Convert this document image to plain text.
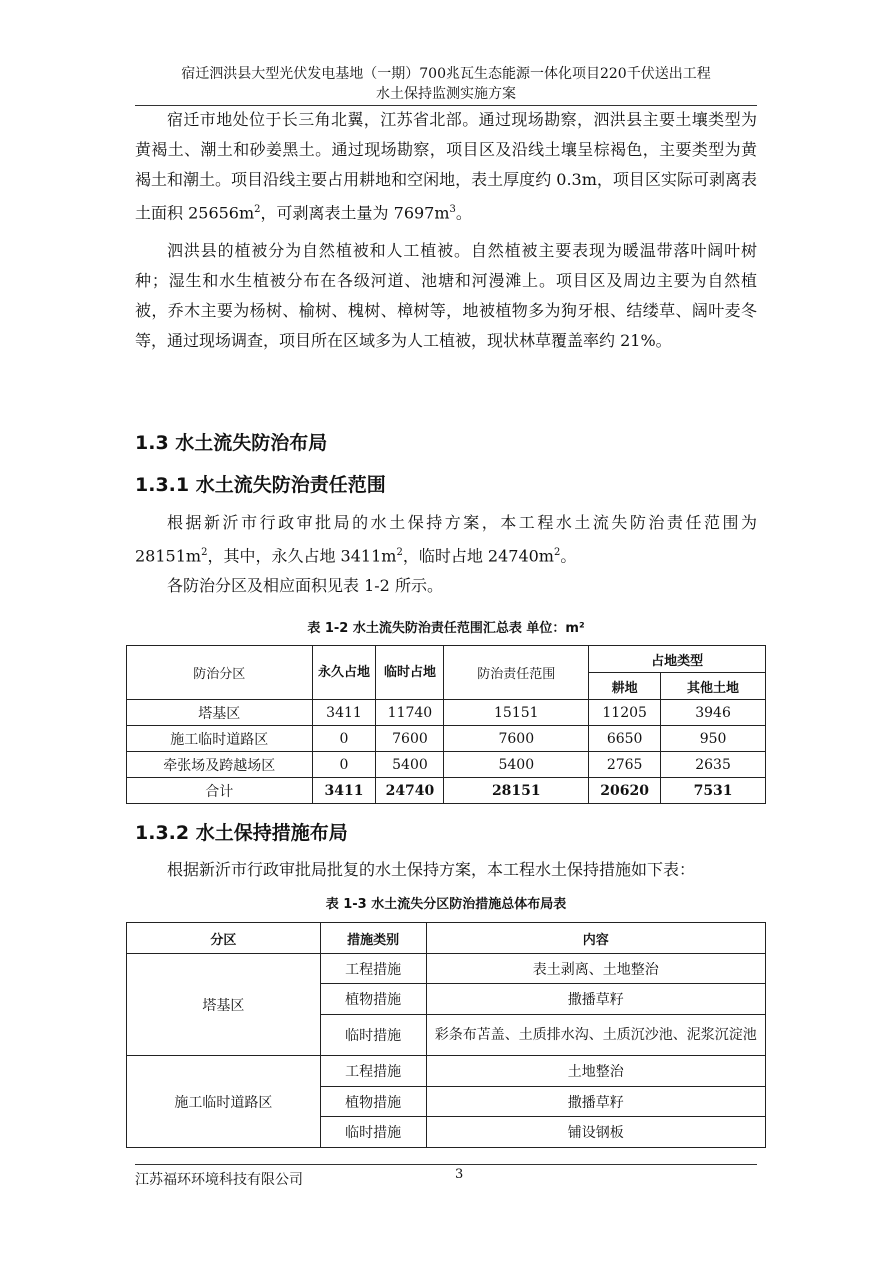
宿迁泗洪县大型光伏发电基地（一期）700兆瓦生态能源一体化项目220千伏送出工程
水土保持监测实施方案

宿迁市地处位于长三角北翼，江苏省北部。通过现场勘察，泗洪县主要土壤类型为黄褐土、潮土和砂姜黑土。通过现场勘察，项目区及沿线土壤呈棕褐色，主要类型为黄褐土和潮土。项目沿线主要占用耕地和空闲地，表土厚度约 0.3m，项目区实际可剥离表土面积 $25656m^2$，可剥离表土量为 $7697m^3$。

泗洪县的植被分为自然植被和人工植被。自然植被主要表现为暖温带落叶阔叶树种；湿生和水生植被分布在各级河道、池塘和河漫滩上。项目区及周边主要为自然植被，乔木主要为杨树、榆树、槐树、樟树等，地被植物多为狗牙根、结缕草、阔叶麦冬等，通过现场调查，项目所在区域多为人工植被，现状林草覆盖率约 21%。

1.3 水土流失防治布局
1.3.1 水土流失防治责任范围

根据新沂市行政审批局的水土保持方案，本工程水土流失防治责任范围为 $28151m^2$，其中，永久占地 $3411m^2$，临时占地 $24740m^2$。

各防治分区及相应面积见表 1-2 所示。

表 1-2 水土流失防治责任范围汇总表 单位：m²
防治分区	永久占地	临时占地	防治责任范围	占地类型	
				耕地	其他土地
塔基区	3411	11740	15151	11205	3946
施工临时道路区	0	7600	7600	6650	950
牵张场及跨越场区	0	5400	5400	2765	2635
合计	3411	24740	28151	20620	7531
1.3.2 水土保持措施布局

根据新沂市行政审批局批复的水土保持方案，本工程水土保持措施如下表：

表 1-3 水土流失分区防治措施总体布局表
分区	措施类别	内容
塔基区	工程措施	表土剥离、土地整治
	植物措施	撒播草籽
	临时措施	彩条布苫盖、土质排水沟、土质沉沙池、泥浆沉淀池
施工临时道路区	工程措施	土地整治
	植物措施	撒播草籽
	临时措施	铺设钢板
江苏福环环境科技有限公司	3
